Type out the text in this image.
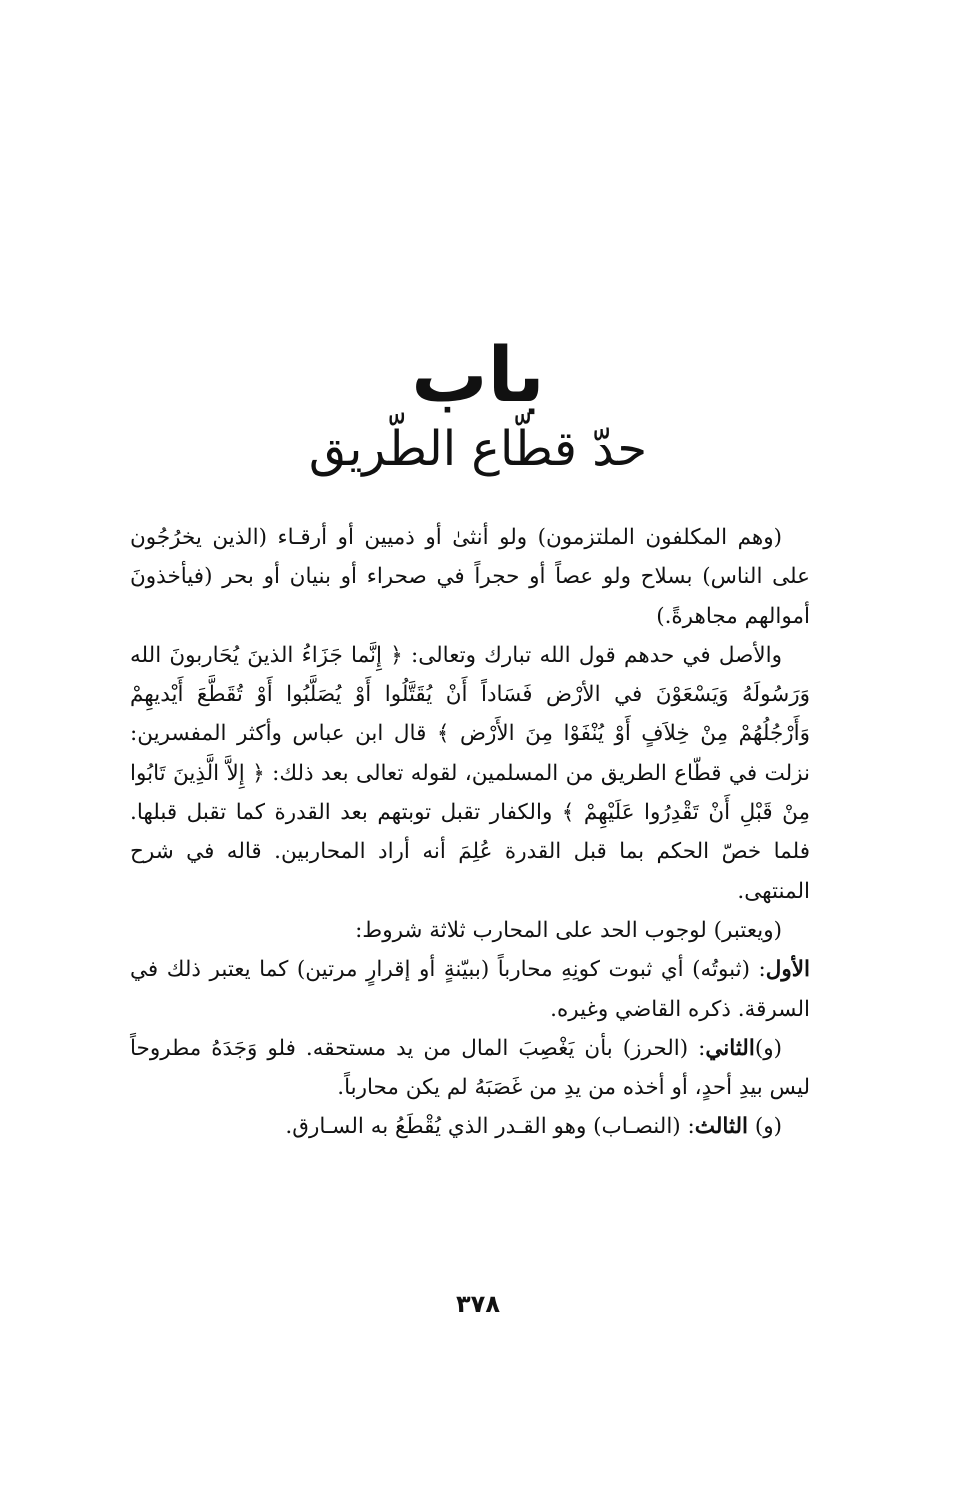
باب
حدّ قطّاع الطّريق

(وهم المكلفون الملتزمون) ولو أنثىٰ أو ذميين أو أرقـاء (الذين يخرُجُون على الناس) بسلاح ولو عصاً أو حجراً في صحراء أو بنيان أو بحر (فيأخذونَ أموالهم مجاهرةً.)

والأصل في حدهم قول الله تبارك وتعالى: ﴿ إِنَّما جَزَاءُ الذينَ يُحَاربونَ الله وَرَسُولَهُ وَيَسْعَوْنَ في الأرْض فَسَاداً أَنْ يُقَتَّلُوا أَوْ يُصَلَّبُوا أَوْ تُقَطَّعَ أَيْديهِمْ وَأَرْجُلُهُمْ مِنْ خِلاَفٍ أَوْ يُنْفَوْا مِنَ الأَرْض ﴾ قال ابن عباس وأكثر المفسرين: نزلت في قطّاع الطريق من المسلمين، لقوله تعالى بعد ذلك: ﴿ إِلاَّ الَّذِينَ تَابُوا مِنْ قَبْلِ أَنْ تَقْدِرُوا عَلَيْهِمْ ﴾ والكفار تقبل توبتهم بعد القدرة كما تقبل قبلها. فلما خصّ الحكم بما قبل القدرة عُلِمَ أنه أراد المحاربين. قاله في شرح المنتهى.

(ويعتبر) لوجوب الحد على المحارب ثلاثة شروط:

الأول: (ثبوتُه) أي ثبوت كونِهِ محارباً (ببيّنةٍ أو إقرارٍ مرتين) كما يعتبر ذلك في السرقة. ذكره القاضي وغيره.

(و)الثاني: (الحرز) بأن يَغْصِبَ المال من يد مستحقه. فلو وَجَدَهُ مطروحاً ليس بيدِ أحدٍ، أو أخذه من يدِ من غَصَبَهُ لم يكن محارباً.

(و) الثالث: (النصـاب) وهو القـدر الذي يُقْطَعُ به السـارق.

٣٧٨
